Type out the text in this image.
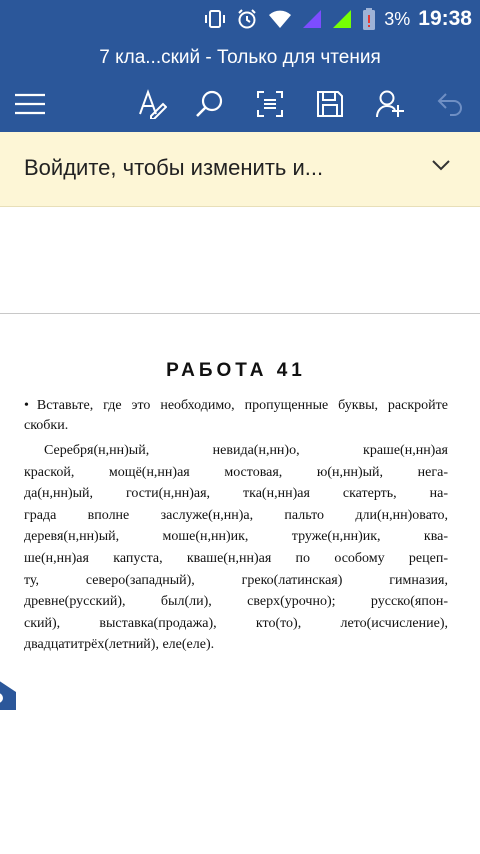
3% 19:38
7 кла...ский - Только для чтения
Войдите, чтобы изменить и...
РАБОТА 41
• Вставьте, где это необходимо, пропущенные буквы, раскройте скобки.
Серебря(н,нн)ый, невида(н,нн)о, краше(н,нн)ая
краской, мощё(н,нн)ая мостовая, ю(н,нн)ый, нега-
да(н,нн)ый, гости(н,нн)ая, тка(н,нн)ая скатерть, на-
града вполне заслуже(н,нн)а, пальто дли(н,нн)овато,
деревя(н,нн)ый, моше(н,нн)ик, труже(н,нн)ик, ква-
ше(н,нн)ая капуста, кваше(н,нн)ая по особому рецеп-
ту, северо(западный), греко(латинская) гимназия,
древне(русский), был(ли), сверх(урочно); русско(япон-
ский), выставка(продажа), кто(то), лето(исчисление),
двадцатитрёх(летний), еле(еле).
